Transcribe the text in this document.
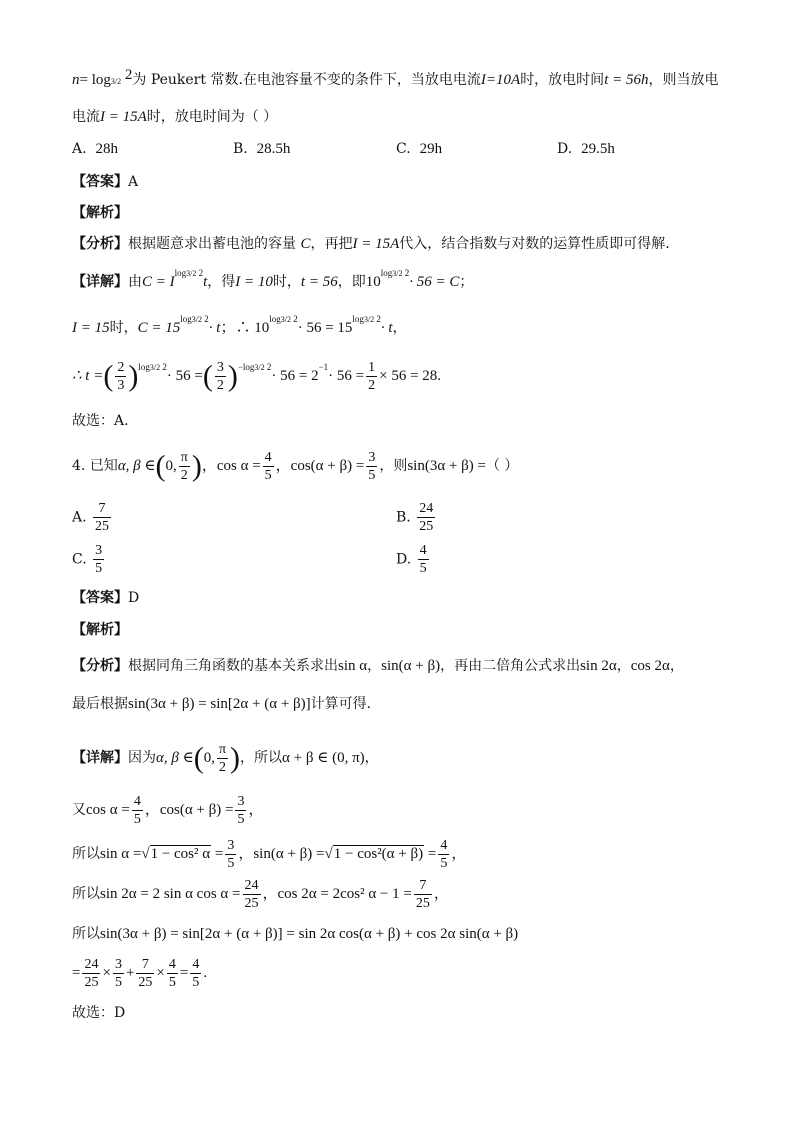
n= log3/2 2为 Peukert 常数.在电池容量不变的条件下，当放电电流I=10A时，放电时间t = 56h，则当放电
电流I = 15A时，放电时间为（ ）
A. 28h	B. 28.5h	C. 29h	D. 29.5h
【答案】A
【解析】
【分析】根据题意求出蓄电池的容量 C，再把I = 15A代入，结合指数与对数的运算性质即可得解.
【详解】由$C = I^{log3/2 2}t$，得I = 10时，t = 56，即$10^{log3/2 2}\cdot 56 = C$；
I = 15时，$C = 15^{log3/2 2}\cdot t$；∴ $10^{log3/2 2}\cdot 56 = 15^{log3/2 2}\cdot t$，
∴ t =( $\frac{2}{3} )^{log3/2 2}\cdot 56$ =( $\frac{3}{2} )^{-log3/2 2}\cdot 56 = 2^{-1}\cdot 56 = \frac{1}{2} \times 56 = 28$.
故选：A.
4. 已知α, β ∈(0, $\frac{\pi}{2}$ )，$\cos \alpha = \frac{4}{5}$ ，$\cos(\alpha + \beta) = \frac{3}{5}$ ，则sin(3α + β) =（ ）
A. $\frac{7}{25}$	B. $\frac{24}{25}$
C. $\frac{3}{5}$	D. $\frac{4}{5}$
【答案】D
【解析】
【分析】根据同角三角函数的基本关系求出sin α，sin(α + β)，再由二倍角公式求出sin 2α，cos 2α，
最后根据sin(3α + β) = sin[2α + (α + β)]计算可得.
【详解】因为α, β ∈(0, $\frac{\pi}{2}$ )，所以α + β ∈ (0, π)，
又$\cos \alpha = \frac{4}{5}$ ，$\cos(\alpha + \beta) = \frac{3}{5}$ ，
所以sin α =√1 − cos² $\alpha = \frac{3}{5}$ ，$\sin(\alpha + \beta) =√1 - \cos^2(\alpha + \beta) = \frac{4}{5}$ ，
所以sin 2α = 2 sin α $\cos \alpha = \frac{24}{25}$ ，cos 2α = 2cos² $\alpha - 1 = \frac{7}{25}$ ，
所以sin(3α + β) = sin[2α + (α + β)] = sin 2α cos(α + β) + cos 2α sin(α + β)
= $\frac{24}{25} \times \frac{3}{5} + \frac{7}{25} \times \frac{4}{5} = \frac{4}{5}$ .
故选：D
